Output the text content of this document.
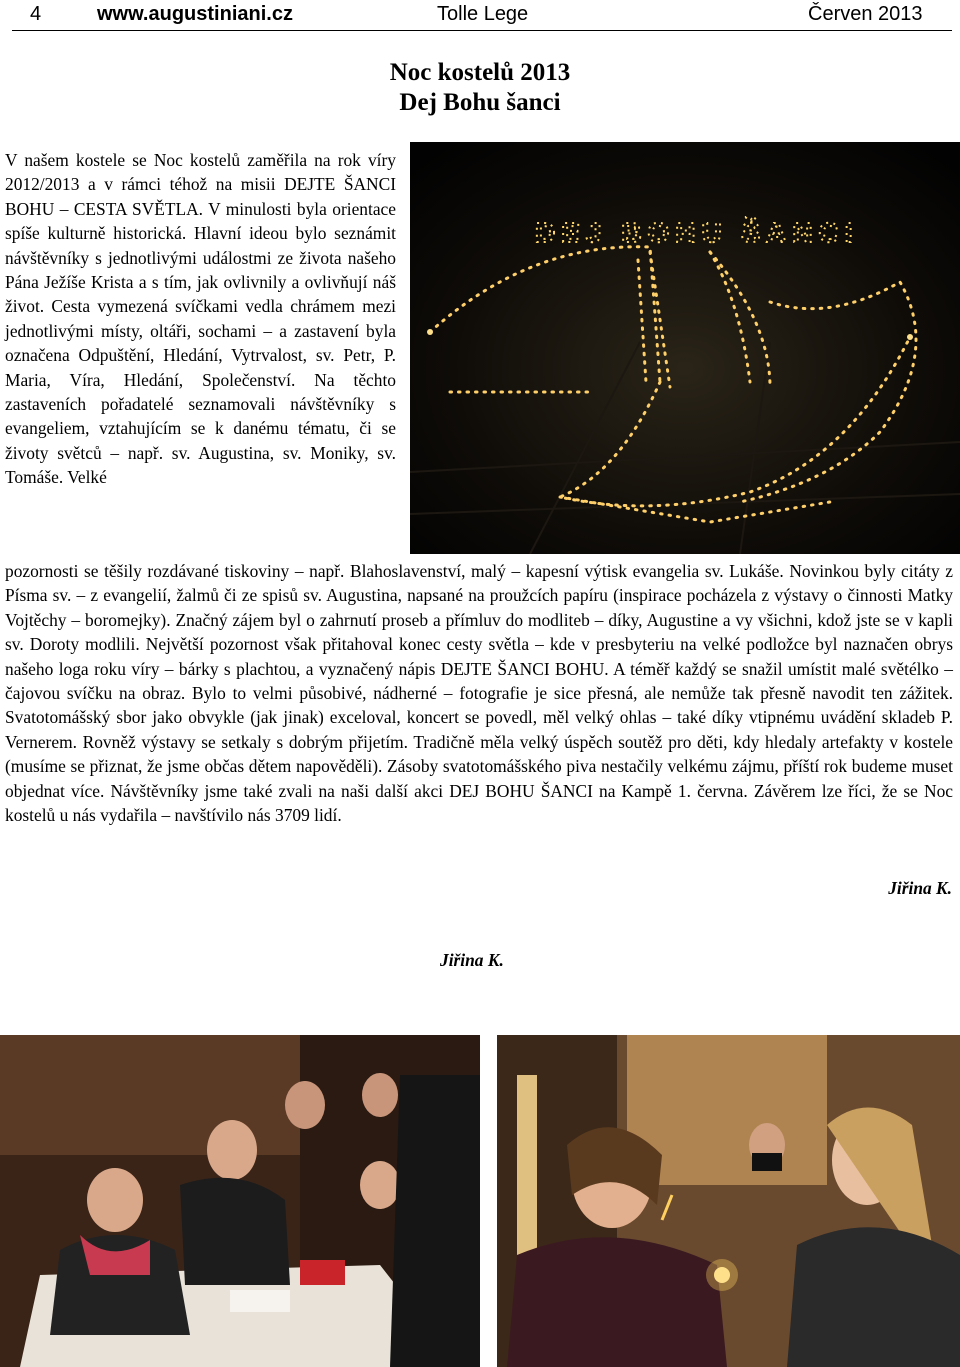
4	www.augustiniani.cz	Tolle Lege	Červen 2013
Noc kostelů 2013
Dej Bohu šanci
DEJ BOHU ŠANCI

V našem kostele se Noc kostelů zaměřila na rok víry 2012/2013 a v rámci téhož na misii DEJTE ŠANCI BOHU – CESTA SVĚTLA. V minulosti byla orientace spíše kulturně historická. Hlavní ideou bylo seznámit návštěvníky s jednotlivými událostmi ze života našeho Pána Ježíše Krista a s tím, jak ovlivnily a ovlivňují náš život. Cesta vymezená svíčkami vedla chrámem mezi jednotlivými místy, oltáři, sochami – a zastavení byla označena Odpuštění, Hledání, Vytrvalost, sv. Petr, P. Maria, Víra, Hledání, Společenství. Na těchto zastaveních pořadatelé seznamovali návštěvníky s evangeliem, vztahujícím se k danému tématu, či se životy světců – např. sv. Augustina, sv. Moniky, sv. Tomáše. Velké

pozornosti se těšily rozdávané tiskoviny – např. Blahoslavenství, malý – kapesní výtisk evangelia sv. Lukáše. Novinkou byly citáty z Písma sv. – z evangelií, žalmů či ze spisů sv. Augustina, napsané na proužcích papíru (inspirace pocházela z výstavy o činnosti Matky Vojtěchy – boromejky). Značný zájem byl o zahrnutí proseb a přímluv do modliteb – díky, Augustine a vy všichni, kdož jste se v kapli sv. Doroty modlili. Největší pozornost však přitahoval konec cesty světla – kde v presbyteriu na velké podložce byl naznačen obrys našeho loga roku víry – bárky s plachtou, a vyznačený nápis DEJTE ŠANCI BOHU. A téměř každý se snažil umístit malé světélko – čajovou svíčku na obraz. Bylo to velmi působivé, nádherné – fotografie je sice přesná, ale nemůže tak přesně navodit ten zážitek. Svatotomášský sbor jako obvykle (jak jinak) exceloval, koncert se povedl, měl velký ohlas – také díky vtipnému uvádění skladeb P. Vernerem. Rovněž výstavy se setkaly s dobrým přijetím. Tradičně měla velký úspěch soutěž pro děti, kdy hledaly artefakty v kostele (musíme se přiznat, že jsme občas dětem napověděli). Zásoby svatotomášského piva nestačily velkému zájmu, příští rok budeme muset objednat více. Návštěvníky jsme také zvali na naši další akci DEJ BOHU ŠANCI na Kampě 1. června. Závěrem lze říci, že se Noc kostelů u nás vydařila – navštívilo nás 3709 lidí.

Jiřina K.
Jiřina K.
